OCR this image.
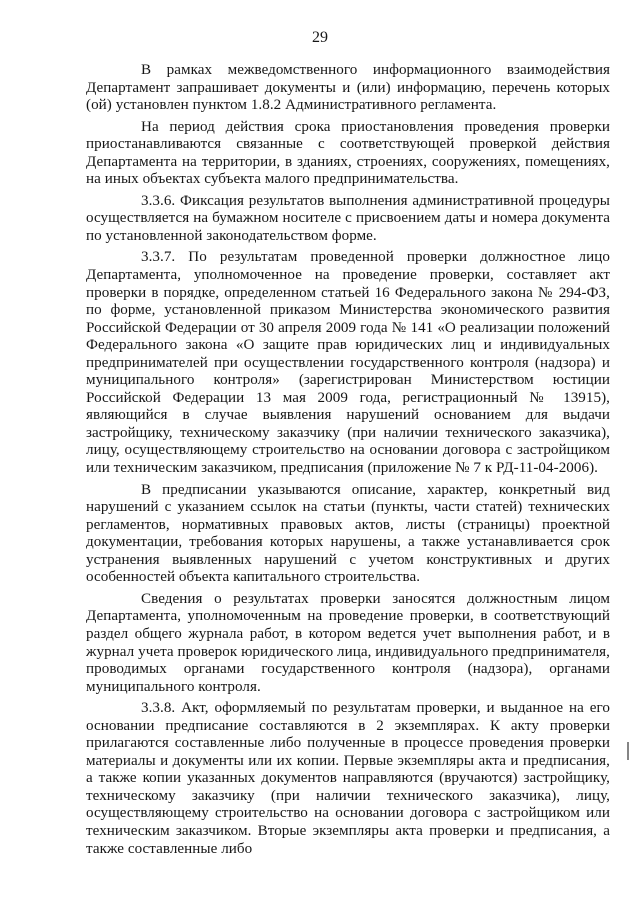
29

В рамках межведомственного информационного взаимодействия Департамент запрашивает документы и (или) информацию, перечень которых (ой) установлен пунктом 1.8.2 Административного регламента.

На период действия срока приостановления проведения проверки приостанавливаются связанные с соответствующей проверкой действия Департамента на территории, в зданиях, строениях, сооружениях, помещениях, на иных объектах субъекта малого предпринимательства.

3.3.6. Фиксация результатов выполнения административной процедуры осуществляется на бумажном носителе с присвоением даты и номера документа по установленной законодательством форме.

3.3.7. По результатам проведенной проверки должностное лицо Департамента, уполномоченное на проведение проверки, составляет акт проверки в порядке, определенном статьей 16 Федерального закона № 294-ФЗ, по форме, установленной приказом Министерства экономического развития Российской Федерации от 30 апреля 2009 года № 141 «О реализации положений Федерального закона «О защите прав юридических лиц и индивидуальных предпринимателей при осуществлении государственного контроля (надзора) и муниципального контроля» (зарегистрирован Министерством юстиции Российской Федерации 13 мая 2009 года, регистрационный № 13915), являющийся в случае выявления нарушений основанием для выдачи застройщику, техническому заказчику (при наличии технического заказчика), лицу, осуществляющему строительство на основании договора с застройщиком или техническим заказчиком, предписания (приложение № 7 к РД-11-04-2006).

В предписании указываются описание, характер, конкретный вид нарушений с указанием ссылок на статьи (пункты, части статей) технических регламентов, нормативных правовых актов, листы (страницы) проектной документации, требования которых нарушены, а также устанавливается срок устранения выявленных нарушений с учетом конструктивных и других особенностей объекта капитального строительства.

Сведения о результатах проверки заносятся должностным лицом Департамента, уполномоченным на проведение проверки, в соответствующий раздел общего журнала работ, в котором ведется учет выполнения работ, и в журнал учета проверок юридического лица, индивидуального предпринимателя, проводимых органами государственного контроля (надзора), органами муниципального контроля.

3.3.8. Акт, оформляемый по результатам проверки, и выданное на его основании предписание составляются в 2 экземплярах. К акту проверки прилагаются составленные либо полученные в процессе проведения проверки материалы и документы или их копии. Первые экземпляры акта и предписания, а также копии указанных документов направляются (вручаются) застройщику, техническому заказчику (при наличии технического заказчика), лицу, осуществляющему строительство на основании договора с застройщиком или техническим заказчиком. Вторые экземпляры акта проверки и предписания, а также составленные либо
